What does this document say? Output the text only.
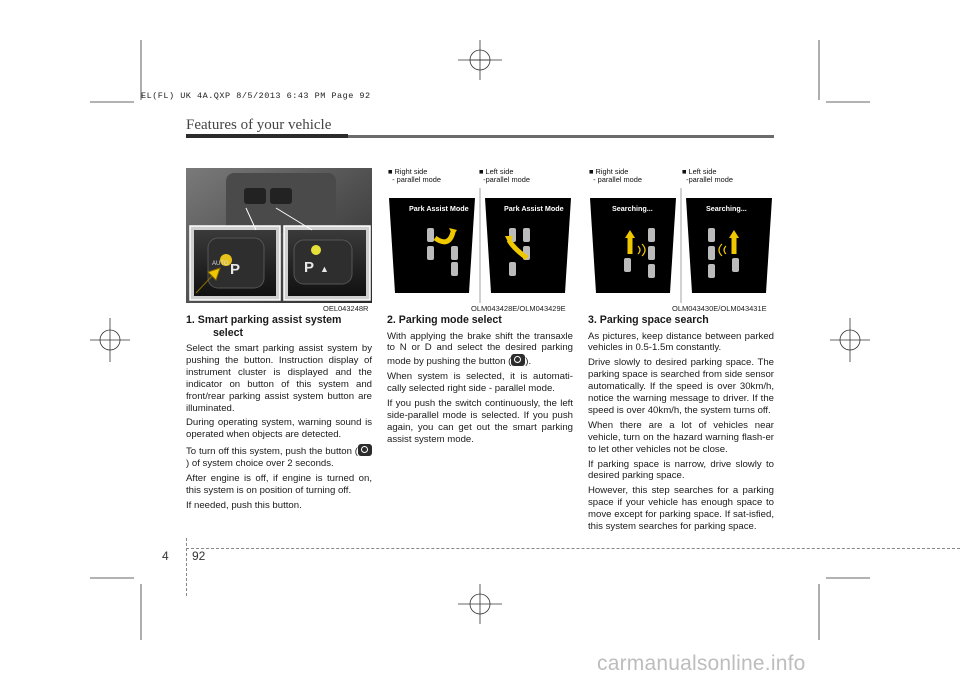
EL(FL) UK 4A.QXP 8/5/2013 6:43 PM Page 92
Features of your vehicle
P ▲
P
AUTO
OEL043248R
■ Right side
- parallel mode
■ Left side
-parallel mode
Park Assist Mode	Park Assist Mode
OLM043428E/OLM043429E
■ Right side
- parallel mode
■ Left side
-parallel mode
Searching...	Searching...
OLM043430E/OLM043431E
1. Smart parking assist system
select

Select the smart parking assist system by pushing the button. Instruction display of instrument cluster is displayed and the indicator on button of this system and front/rear parking assist system button are illuminated.

During operating system, warning sound is operated when objects are detected.

To turn off this system, push the button () of system choice over 2 seconds.

After engine is off, if engine is turned on, this system is on position of turning off.

If needed, push this button.

2. Parking mode select

With applying the brake shift the transaxle to N or D and select the desired parking mode by pushing the button ( ).

When system is selected, it is automati-cally selected right side - parallel mode.

If you push the switch continuously, the left side-parallel mode is selected. If you push again, you can get out the smart parking assist system mode.

3. Parking space search

As pictures, keep distance between parked vehicles in 0.5-1.5m constantly.

Drive slowly to desired parking space. The parking space is searched from side sensor automatically. If the speed is over 30km/h, notice the warning message to driver. If the speed is over 40km/h, the system turns off.

When there are a lot of vehicles near vehicle, turn on the hazard warning flash-er to let other vehicles not be close.

If parking space is narrow, drive slowly to desired parking space.

However, this step searches for a parking space if your vehicle has enough space to move except for parking space. If sat-isfied, this system searches for parking space.

4 92
carmanualsonline.info
